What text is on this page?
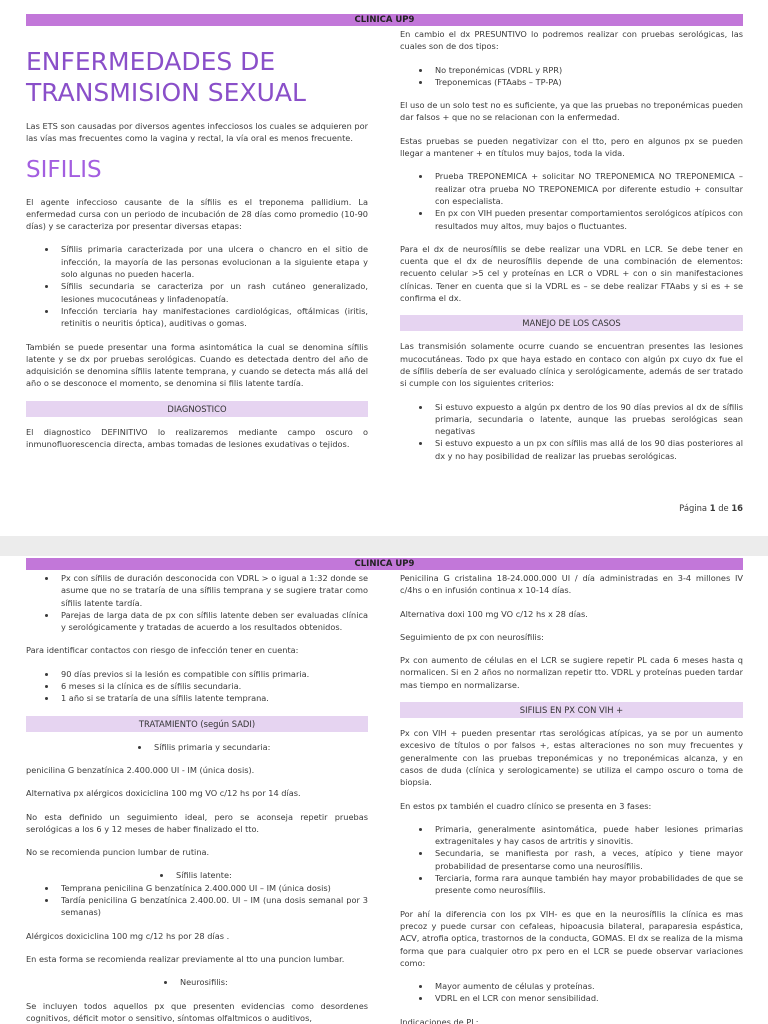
CLINICA UP9
ENFERMEDADES DE TRANSMISION SEXUAL

Las ETS son causadas por diversos agentes infecciosos los cuales se adquieren por las vías mas frecuentes como la vagina y rectal, la vía oral es menos frecuente.

SIFILIS

El agente infeccioso causante de la sífilis es el treponema pallidium. La enfermedad cursa con un periodo de incubación de 28 días como promedio (10-90 días) y se caracteriza por presentar diversas etapas:

• Sífilis primaria caracterizada por una ulcera o chancro en el sitio de infección, la mayoría de las personas evolucionan a la siguiente etapa y solo algunas no pueden hacerla.
• Sífilis secundaria se caracteriza por un rash cutáneo generalizado, lesiones mucocutáneas y linfadenopatía.
• Infección terciaria hay manifestaciones cardiológicas, oftálmicas (iritis, retinitis o neuritis óptica), auditivas o gomas.

También se puede presentar una forma asintomática la cual se denomina sífilis latente y se dx por pruebas serológicas. Cuando es detectada dentro del año de adquisición se denomina sífilis latente temprana, y cuando se detecta más allá del año o se desconoce el momento, se denomina si filis latente tardía.

DIAGNOSTICO

El diagnostico DEFINITIVO lo realizaremos mediante campo oscuro o inmunofluorescencia directa, ambas tomadas de lesiones exudativas o tejidos.

En cambio el dx PRESUNTIVO lo podremos realizar con pruebas serológicas, las cuales son de dos tipos:

• No treponémicas (VDRL y RPR)
• Treponemicas (FTAabs – TP-PA)

El uso de un solo test no es suficiente, ya que las pruebas no treponémicas pueden dar falsos + que no se relacionan con la enfermedad.

Estas pruebas se pueden negativizar con el tto, pero en algunos px se pueden llegar a mantener + en títulos muy bajos, toda la vida.

• Prueba TREPONEMICA + solicitar NO TREPONEMICA NO TREPONEMICA – realizar otra prueba NO TREPONEMICA por diferente estudio + consultar con especialista.
• En px con VIH pueden presentar comportamientos serológicos atípicos con resultados muy altos, muy bajos o fluctuantes.

Para el dx de neurosífilis se debe realizar una VDRL en LCR. Se debe tener en cuenta que el dx de neurosífilis depende de una combinación de elementos: recuento celular >5 cel y proteínas en LCR o VDRL + con o sin manifestaciones clínicas. Tener en cuenta que si la VDRL es – se debe realizar FTAabs y si es + se confirma el dx.

MANEJO DE LOS CASOS

Las transmisión solamente ocurre cuando se encuentran presentes las lesiones mucocutáneas. Todo px que haya estado en contaco con algún px cuyo dx fue el de sífilis debería de ser evaluado clínica y serológicamente, además de ser tratado si cumple con los siguientes criterios:

• Si estuvo expuesto a algún px dentro de los 90 días previos al dx de sífilis primaria, secundaria o latente, aunque las pruebas serológicas sean negativas
• Si estuvo expuesto a un px con sífilis mas allá de los 90 dias posteriores al dx y no hay posibilidad de realizar las pruebas serológicas.
Página 1 de 16
CLINICA UP9
• Px con sífilis de duración desconocida con VDRL > o igual a 1:32 donde se asume que no se trataría de una sífilis temprana y se sugiere tratar como sífilis latente tardía.
• Parejas de larga data de px con sífilis latente deben ser evaluadas clínica y serológicamente y tratadas de acuerdo a los resultados obtenidos.

Para identificar contactos con riesgo de infección tener en cuenta:

• 90 días previos si la lesión es compatible con sífilis primaria.
• 6 meses si la clínica es de sífilis secundaria.
• 1 año si se trataría de una sífilis latente temprana.
TRATAMIENTO (según SADI)
• Sífilis primaria y secundaria:

penicilina G benzatínica 2.400.000 UI - IM (única dosis).

Alternativa px alérgicos doxiciclina 100 mg VO c/12 hs por 14 días.

No esta definido un seguimiento ideal, pero se aconseja repetir pruebas serológicas a los 6 y 12 meses de haber finalizado el tto.

No se recomienda puncion lumbar de rutina.

• Sífilis latente:
• Temprana penicilina G benzatínica 2.400.000 UI – IM (única dosis)
• Tardía penicilina G benzatínica 2.400.00. UI – IM (una dosis semanal por 3 semanas)

Alérgicos doxiciclina 100 mg c/12 hs por 28 días .

En esta forma se recomienda realizar previamente al tto una puncion lumbar.

• Neurosifilis:

Se incluyen todos aquellos px que presenten evidencias como desordenes cognitivos, déficit motor o sensitivo, síntomas olfaltmicos o auditivos,

Penicilina G cristalina 18-24.000.000 UI / día administradas en 3-4 millones IV c/4hs o en infusión continua x 10-14 días.

Alternativa doxi 100 mg VO c/12 hs x 28 días.

Seguimiento de px con neurosífilis:

Px con aumento de células en el LCR se sugiere repetir PL cada 6 meses hasta q normalicen. Si en 2 años no normalizan repetir tto. VDRL y proteínas pueden tardar mas tiempo en normalizarse.

SIFILIS EN PX CON VIH +

Px con VIH + pueden presentar rtas serológicas atípicas, ya se por un aumento excesivo de títulos o por falsos +, estas alteraciones no son muy frecuentes y generalmente con las pruebas treponémicas y no treponémicas alcanza, y en casos de duda (clínica y serologicamente) se utiliza el campo oscuro o toma de biopsia.

En estos px también el cuadro clínico se presenta en 3 fases:

• Primaria, generalmente asintomática, puede haber lesiones primarias extragenitales y hay casos de artritis y sinovitis.
• Secundaria, se manifiesta por rash, a veces, atípico y tiene mayor probabilidad de presentarse como una neurosífilis.
• Terciaria, forma rara aunque también hay mayor probabilidades de que se presente como neurosífilis.

Por ahí la diferencia con los px VIH- es que en la neurosífilis la clínica es mas precoz y puede cursar con cefaleas, hipoacusia bilateral, paraparesia espástica, ACV, atrofia optica, trastornos de la conducta, GOMAS. El dx se realiza de la misma forma que para cualquier otro px pero en el LCR se puede observar variaciones como:

• Mayor aumento de células y proteínas.
• VDRL en el LCR con menor sensibilidad.

Indicaciones de PL:
